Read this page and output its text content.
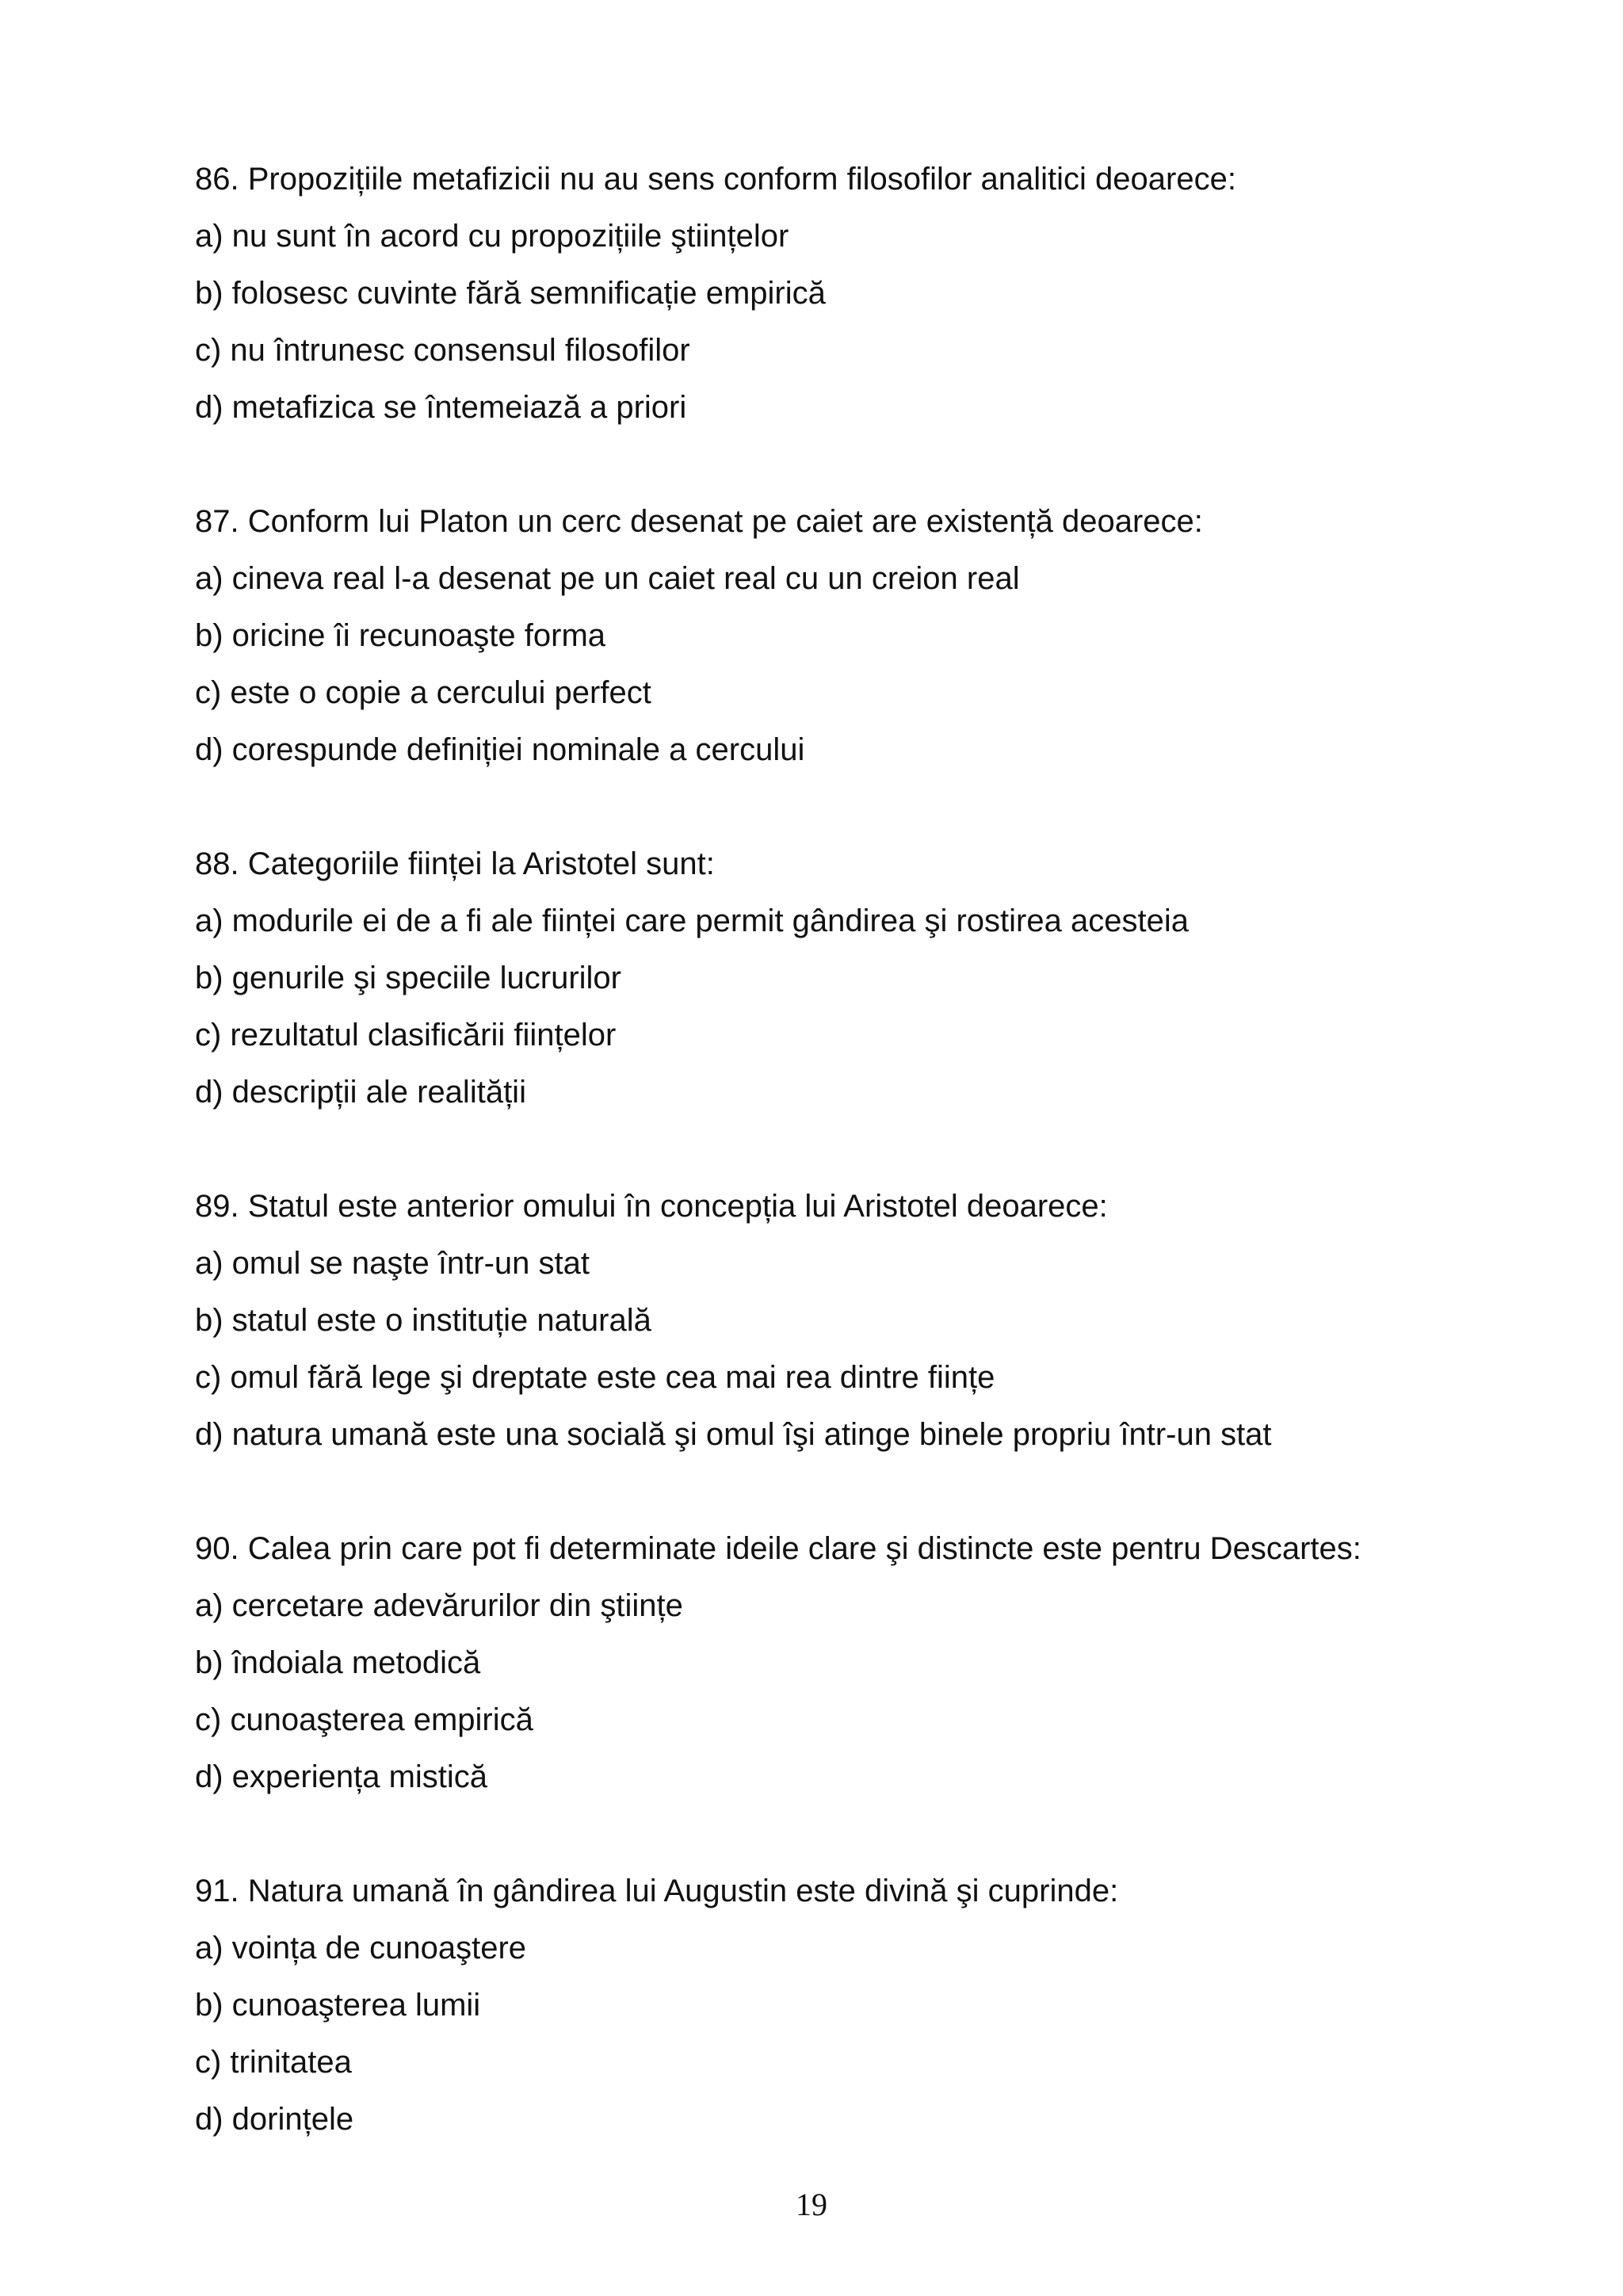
86. Propozițiile metafizicii nu au sens conform filosofilor analitici deoarece:
a) nu sunt în acord cu propozițiile ştiințelor
b) folosesc cuvinte fără semnificație empirică
c) nu întrunesc consensul filosofilor
d) metafizica se întemeiază a priori
87. Conform lui Platon un cerc desenat pe caiet are existență deoarece:
a) cineva real l-a desenat pe un caiet real cu un creion real
b) oricine îi recunoaşte forma
c) este o copie a cercului perfect
d) corespunde definiției nominale a cercului
88. Categoriile ființei la Aristotel sunt:
a) modurile ei de a fi ale ființei care permit gândirea şi rostirea acesteia
b) genurile şi speciile lucrurilor
c) rezultatul clasificării ființelor
d) descripții ale realității
89. Statul este anterior omului în concepția lui Aristotel deoarece:
a) omul se naşte într-un stat
b) statul este o instituție naturală
c) omul fără lege şi dreptate este cea mai rea dintre ființe
d) natura umană este una socială şi omul îşi atinge binele propriu într-un stat
90. Calea prin care pot fi determinate ideile clare şi distincte este pentru Descartes:
a) cercetare adevărurilor din ştiințe
b) îndoiala metodică
c) cunoaşterea empirică
d) experiența mistică
91. Natura umană în gândirea lui Augustin este divină şi cuprinde:
a) voința de cunoaştere
b) cunoaşterea lumii
c) trinitatea
d) dorințele
19
